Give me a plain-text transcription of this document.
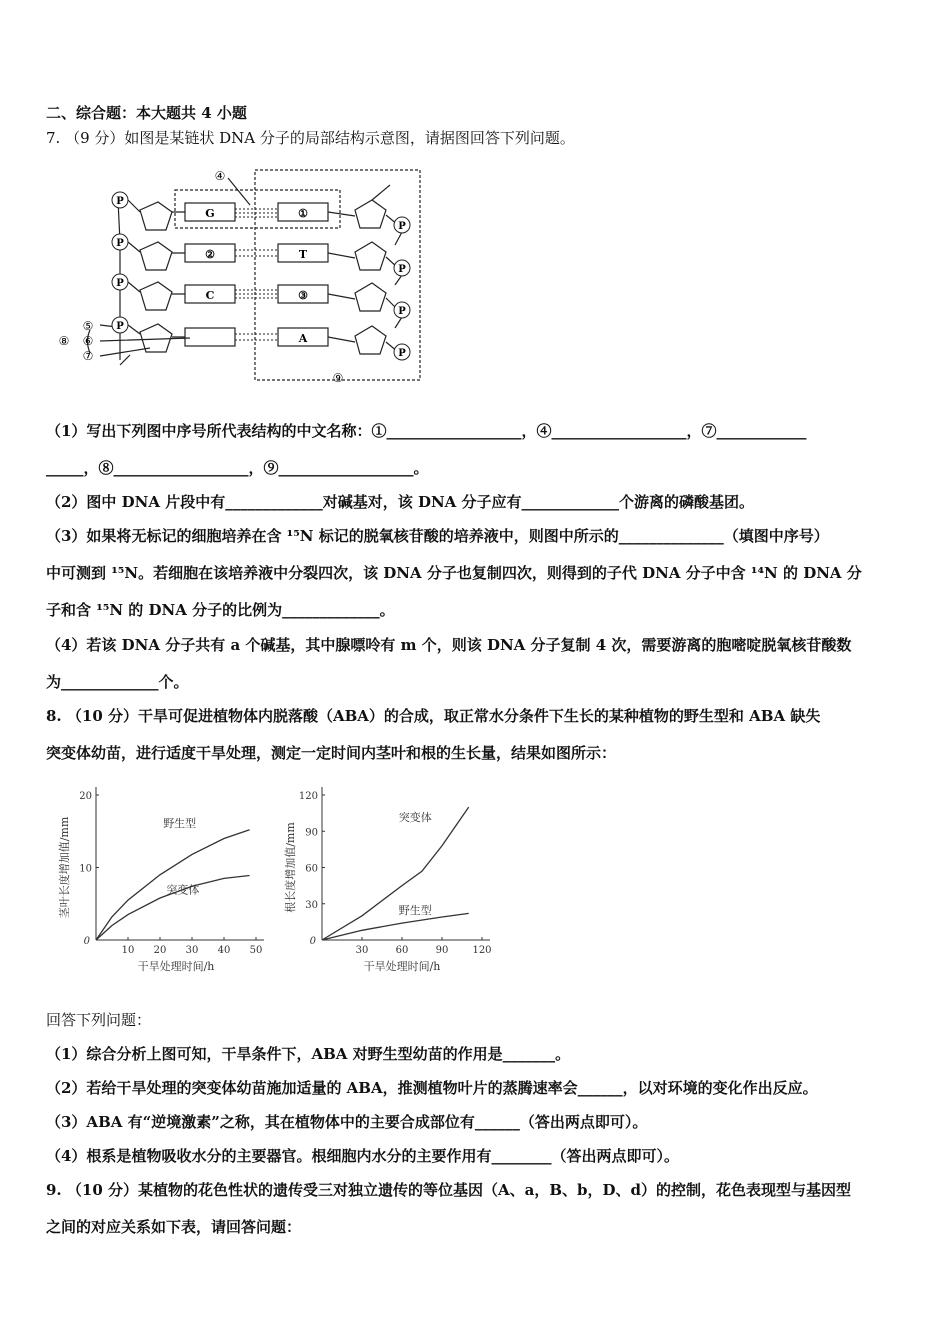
二、综合题：本大题共 4 小题
7. （9 分）如图是某链状 DNA 分子的局部结构示意图，请据图回答下列问题。
P
P
P
P
P
P
P
P
G
②
C
①
T
③
A
④
⑤
⑥
⑦
⑧
⑨
（1）写出下列图中序号所代表结构的中文名称：①__________________，④__________________，⑦____________
_____，⑧__________________，⑨__________________。
（2）图中 DNA 片段中有_____________对碱基对，该 DNA 分子应有_____________个游离的磷酸基团。
（3）如果将无标记的细胞培养在含 ¹⁵N 标记的脱氧核苷酸的培养液中，则图中所示的______________（填图中序号）
中可测到 ¹⁵N。若细胞在该培养液中分裂四次，该 DNA 分子也复制四次，则得到的子代 DNA 分子中含 ¹⁴N 的 DNA 分
子和含 ¹⁵N 的 DNA 分子的比例为_____________。
（4）若该 DNA 分子共有 a 个碱基，其中腺嘌呤有 m 个，则该 DNA 分子复制 4 次，需要游离的胞嘧啶脱氧核苷酸数
为_____________个。
8. （10 分）干旱可促进植物体内脱落酸（ABA）的合成，取正常水分条件下生长的某种植物的野生型和 ABA 缺失
突变体幼苗，进行适度干旱处理，测定一定时间内茎叶和根的生长量，结果如图所示：
10 20 30 40 50
10
20
0
干旱处理时间/h
茎叶长度增加值/mm	突变体
野生型
30	60	90 120
30
60
90
120
0
干旱处理时间/h
根长度增加值/mm	野生型
突变体
回答下列问题：
（1）综合分析上图可知，干旱条件下，ABA 对野生型幼苗的作用是_______。
（2）若给干旱处理的突变体幼苗施加适量的 ABA，推测植物叶片的蒸腾速率会______，以对环境的变化作出反应。
（3）ABA 有“逆境激素”之称，其在植物体中的主要合成部位有______（答出两点即可）。
（4）根系是植物吸收水分的主要器官。根细胞内水分的主要作用有________（答出两点即可）。
9. （10 分）某植物的花色性状的遗传受三对独立遗传的等位基因（A、a，B、b，D、d）的控制，花色表现型与基因型
之间的对应关系如下表，请回答问题：
